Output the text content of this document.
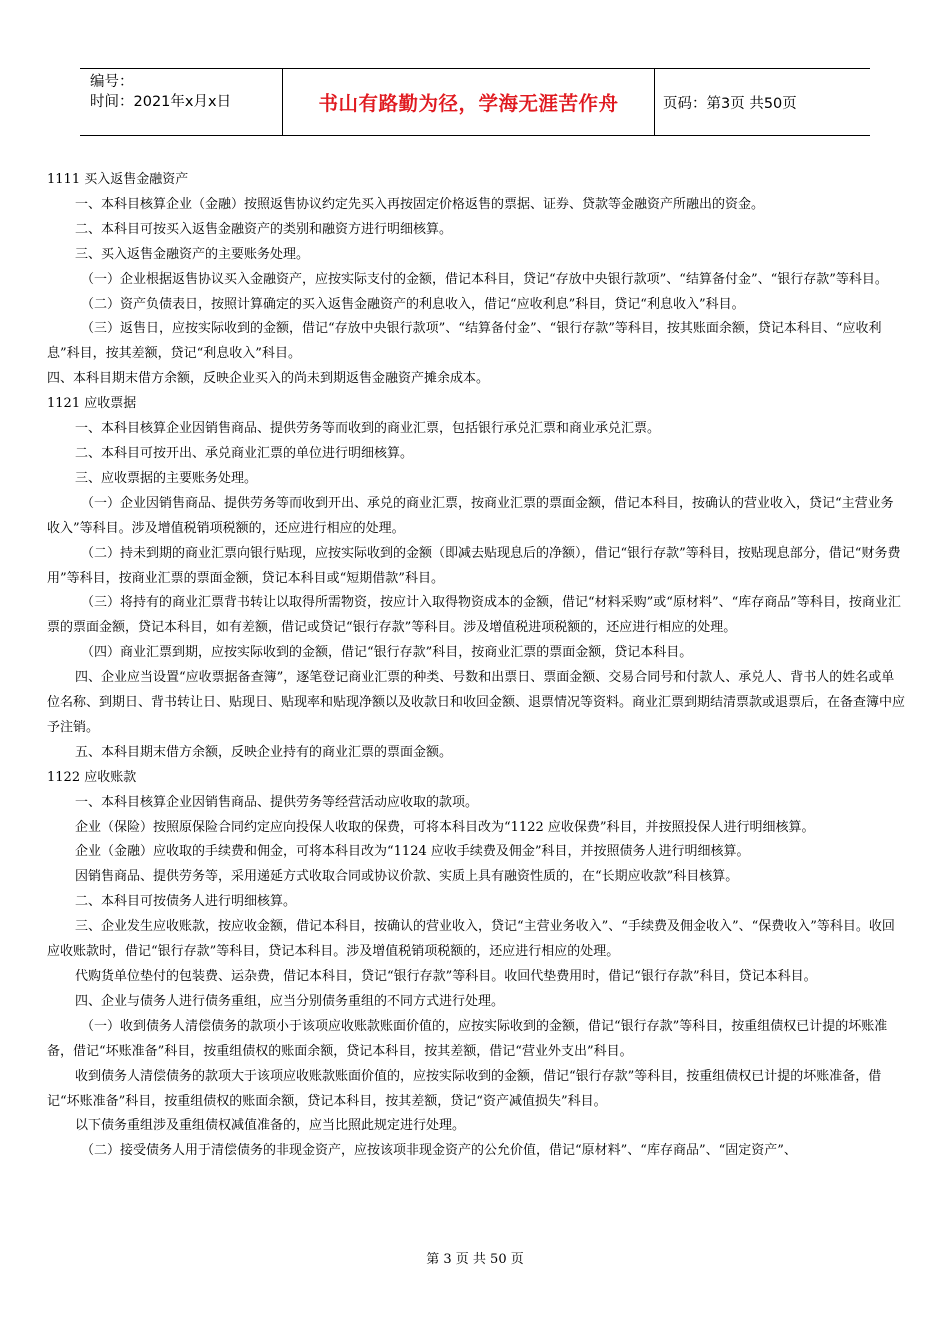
编号：
时间：2021年x月x日	书山有路勤为径，学海无涯苦作舟	页码：第3页 共50页

1111 买入返售金融资产

一、本科目核算企业（金融）按照返售协议约定先买入再按固定价格返售的票据、证券、贷款等金融资产所融出的资金。

二、本科目可按买入返售金融资产的类别和融资方进行明细核算。

三、买入返售金融资产的主要账务处理。

（一）企业根据返售协议买入金融资产，应按实际支付的金额，借记本科目，贷记“存放中央银行款项”、“结算备付金”、“银行存款”等科目。

（二）资产负债表日，按照计算确定的买入返售金融资产的利息收入，借记“应收利息”科目，贷记“利息收入”科目。

（三）返售日，应按实际收到的金额，借记“存放中央银行款项”、“结算备付金”、“银行存款”等科目，按其账面余额，贷记本科目、“应收利息”科目，按其差额，贷记“利息收入”科目。

四、本科目期末借方余额，反映企业买入的尚未到期返售金融资产摊余成本。

1121 应收票据

一、本科目核算企业因销售商品、提供劳务等而收到的商业汇票，包括银行承兑汇票和商业承兑汇票。

二、本科目可按开出、承兑商业汇票的单位进行明细核算。

三、应收票据的主要账务处理。

（一）企业因销售商品、提供劳务等而收到开出、承兑的商业汇票，按商业汇票的票面金额，借记本科目，按确认的营业收入，贷记“主营业务收入”等科目。涉及增值税销项税额的，还应进行相应的处理。

（二）持未到期的商业汇票向银行贴现，应按实际收到的金额（即减去贴现息后的净额），借记“银行存款”等科目，按贴现息部分，借记“财务费用”等科目，按商业汇票的票面金额，贷记本科目或“短期借款”科目。

（三）将持有的商业汇票背书转让以取得所需物资，按应计入取得物资成本的金额，借记“材料采购”或“原材料”、“库存商品”等科目，按商业汇票的票面金额，贷记本科目，如有差额，借记或贷记“银行存款”等科目。涉及增值税进项税额的，还应进行相应的处理。

（四）商业汇票到期，应按实际收到的金额，借记“银行存款”科目，按商业汇票的票面金额，贷记本科目。

四、企业应当设置“应收票据备查簿”，逐笔登记商业汇票的种类、号数和出票日、票面金额、交易合同号和付款人、承兑人、背书人的姓名或单位名称、到期日、背书转让日、贴现日、贴现率和贴现净额以及收款日和收回金额、退票情况等资料。商业汇票到期结清票款或退票后，在备查簿中应予注销。

五、本科目期末借方余额，反映企业持有的商业汇票的票面金额。

1122 应收账款

一、本科目核算企业因销售商品、提供劳务等经营活动应收取的款项。

企业（保险）按照原保险合同约定应向投保人收取的保费，可将本科目改为“1122 应收保费”科目，并按照投保人进行明细核算。

企业（金融）应收取的手续费和佣金，可将本科目改为“1124 应收手续费及佣金”科目，并按照债务人进行明细核算。

因销售商品、提供劳务等，采用递延方式收取合同或协议价款、实质上具有融资性质的，在“长期应收款”科目核算。

二、本科目可按债务人进行明细核算。

三、企业发生应收账款，按应收金额，借记本科目，按确认的营业收入，贷记“主营业务收入”、“手续费及佣金收入”、“保费收入”等科目。收回应收账款时，借记“银行存款”等科目，贷记本科目。涉及增值税销项税额的，还应进行相应的处理。

代购货单位垫付的包装费、运杂费，借记本科目，贷记“银行存款”等科目。收回代垫费用时，借记“银行存款”科目，贷记本科目。

四、企业与债务人进行债务重组，应当分别债务重组的不同方式进行处理。

（一）收到债务人清偿债务的款项小于该项应收账款账面价值的，应按实际收到的金额，借记“银行存款”等科目，按重组债权已计提的坏账准备，借记“坏账准备”科目，按重组债权的账面余额，贷记本科目，按其差额，借记“营业外支出”科目。

收到债务人清偿债务的款项大于该项应收账款账面价值的，应按实际收到的金额，借记“银行存款”等科目，按重组债权已计提的坏账准备，借记“坏账准备”科目，按重组债权的账面余额，贷记本科目，按其差额，贷记“资产减值损失”科目。

以下债务重组涉及重组债权减值准备的，应当比照此规定进行处理。

（二）接受债务人用于清偿债务的非现金资产，应按该项非现金资产的公允价值，借记“原材料”、“库存商品”、“固定资产”、

第 3 页 共 50 页
